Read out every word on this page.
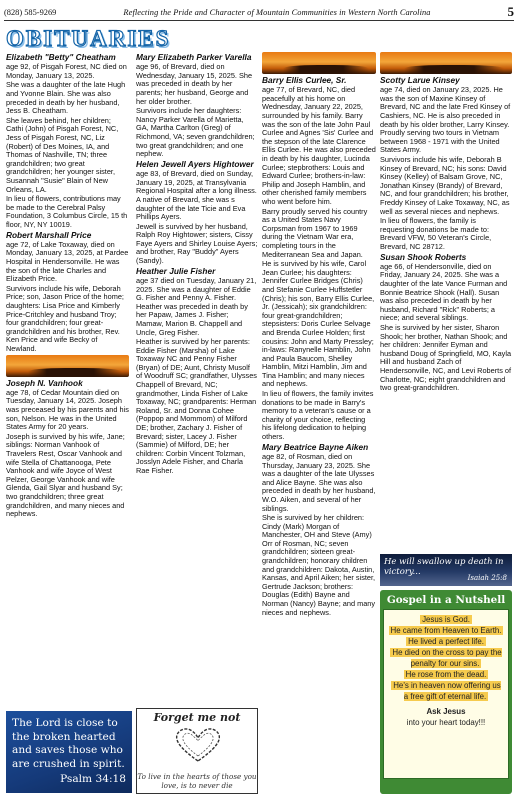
(828) 585-9269	Reflecting the Pride and Character of Mountain Communities in Western North Carolina	5
OBITUARIES
Elizabeth "Betty" Cheatham

age 92, of Pisgah Forest, NC died on Monday, January 13, 2025.

She was a daughter of the late Hugh and Yvonne Blain. She was also preceded in death by her husband, Jess B. Cheatham.

She leaves behind, her children; Cathi (John) of Pisgah Forest, NC, Jess of Pisgah Forest, NC, Liz (Robert) of Des Moines, IA, and Thomas of Nashville, TN; three grandchildren; two great grandchildren; her younger sister, Susannah "Susie" Blain of New Orleans, LA.

In lieu of flowers, contributions may be made to the Cerebral Palsy Foundation, 3 Columbus Circle, 15 th floor, NY, NY 10019.

Robert Marshall Price

age 72, of Lake Toxaway, died on Monday, January 13, 2025, at Pardee Hospital in Hendersonville. He was the son of the late Charles and Elizabeth Price.

Survivors include his wife, Deborah Price; son, Jason Price of the home; daughters: Lisa Price and Kimberly Price-Critchley and husband Troy; four grandchildren; four great-grandchildren and his brother, Rev. Ken Price and wife Becky of Newland.

Joseph N. Vanhook

age 78, of Cedar Mountain died on Tuesday, January 14, 2025. Joseph was preceased by his parents and his son, Nelson. He was in the United States Army for 20 years.

Joseph is survived by his wife, Jane; siblings: Norman Vanhook of Travelers Rest, Oscar Vanhook and wife Stella of Chattanooga, Pete Vanhook and wife Joyce of West Pelzer, George Vanhook and wife Glenda, Gail Slyar and husband Sy; two grandchildren; three great grandchildren, and many nieces and nephews.

Mary Elizabeth Parker Varella

age 96, of Brevard, died on Wednesday, January 15, 2025. She was preceded in death by her parents; her husband, George and her older brother.

Survivors include her daughters: Nancy Parker Varella of Marietta, GA, Martha Carlton (Greg) of Richmond, VA; seven grandchildren; two great grandchildren; and one nephew.

Helen Jewell Ayers Hightower

age 83, of Brevard, died on Sunday, January 19, 2025, at Transylvania Regional Hospital after a long illness. A native of Brevard, she was s daughter of the late Ticie and Eva Phillips Ayers.

Jewell is survived by her husband, Ralph Roy Hightower; sisters, Cissy Faye Ayers and Shirley Louise Ayers; and brother, Ray "Buddy" Ayers (Sandy).

Heather Julie Fisher

age 37 died on Tuesday, January 21, 2025. She was a daughter of Eddie G. Fisher and Penny A. Fisher. Heather was preceded in death by her Papaw, James J. Fisher; Mamaw, Marion B. Chappell and Uncle, Greg Fisher.

Heather is survived by her parents: Eddie Fisher (Marsha) of Lake Toxaway NC and Penny Fisher (Bryan) of DE; Aunt, Christy Musolf of Woodruff SC; grandfather, Ulysses Chappell of Brevard, NC; grandmother, Linda Fisher of Lake Toxaway, NC; grandparents: Herman Roland, Sr. and Donna Cohee (Poppop and Mommom) of Milford DE; brother, Zachary J. Fisher of Brevard; sister, Lacey J. Fisher (Sammie) of Milford, DE; her children: Corbin Vincent Tolzman, Josslyn Adele Fisher, and Charla Rae Fisher.

Barry Ellis Curlee, Sr.

age 77, of Brevard, NC, died peacefully at his home on Wednesday, January 22, 2025, surrounded by his family. Barry was the son of the late John Paul Curlee and Agnes 'Sis' Curlee and the stepson of the late Clarence Ellis Curlee. He was also preceded in death by his daughter, Lucinda Curlee; stepbrothers: Louis and Edward Curlee; brothers-in-law: Philip and Joseph Hamblin, and other cherished family members who went before him.

Barry proudly served his country as a United States Navy Corpsman from 1967 to 1969 during the Vietnam War era, completing tours in the Mediterranean Sea and Japan.

He is survived by his wife, Carol Jean Curlee; his daughters: Jennifer Curlee Bridges (Chris) and Stefanie Curlee Huffstetler (Chris); his son, Barry Ellis Curlee, Jr. (Jessicah); six grandchildren: four great-grandchildren; stepsisters: Doris Curlee Selvage and Brenda Curlee Holden; first cousins: John and Marty Pressley; in-laws: Ranynelle Hamblin, John and Paula Baucom, Shelley Hamblin, Mitzi Hamblin, Jim and Tina Hamblin; and many nieces and nephews.

In lieu of flowers, the family invites donations to be made in Barry's memory to a veteran's cause or a charity of your choice, reflecting his lifelong dedication to helping others.

Mary Beatrice Bayne Aiken

age 82, of Rosman, died on Thursday, January 23, 2025. She was a daughter of the late Ulysses and Alice Bayne. She was also preceded in death by her husband, W.O. Aiken, and several of her siblings.

She is survived by her children: Cindy (Mark) Morgan of Manchester, OH and Steve (Amy) Orr of Rosman, NC; seven grandchildren; sixteen great-grandchildren; honorary children and grandchildren: Dakota, Austin, Kansas, and April Aiken; her sister, Gertrude Jackson; brothers: Douglas (Edith) Bayne and Norman (Nancy) Bayne; and many nieces and nephews.

Scotty Larue Kinsey

age 74, died on January 23, 2025. He was the son of Maxine Kinsey of Brevard, NC and the late Fred Kinsey of Cashiers, NC. He is also preceded in death by his older brother, Larry Kinsey. Proudly serving two tours in Vietnam between 1968 - 1971 with the United States Army.

Survivors include his wife, Deborah B Kinsey of Brevard, NC; his sons: David Kinsey (Kelley) of Balsam Grove, NC, Jonathan Kinsey (Brandy) of Brevard, NC, and four grandchildren; his brother, Freddy Kinsey of Lake Toxaway, NC, as well as several nieces and nephews.

In lieu of flowers, the family is requesting donations be made to: Brevard VFW, 50 Veteran's Circle, Brevard, NC 28712.

Susan Shook Roberts

age 66, of Hendersonville, died on Friday, January 24, 2025. She was a daughter of the late Vance Furman and Bonnie Beatrice Shook (Hall). Susan was also preceded in death by her husband, Richard "Rick" Roberts; a niece; and several siblings.

She is survived by her sister, Sharon Shook; her brother, Nathan Shook; and her children: Jennifer Eyman and husband Doug of Springfield, MO, Kayla Hill and husband Zach of Hendersonville, NC, and Levi Roberts of Charlotte, NC; eight grandchildren and two great-grandchildren.

The Lord is close to the broken hearted and saves those who are crushed in spirit.
Psalm 34:18
Forget me not
To live in the hearts of those you love, is to never die
He will swallow up death in victory...
Isaiah 25:8
Gospel in a Nutshell
Jesus is God.
He came from Heaven to Earth.
He lived a perfect life.
He died on the cross to pay the penalty for our sins.
He rose from the dead.
He's in heaven now offering us a free gift of eternal life.
Ask Jesus
into your heart today!!!
